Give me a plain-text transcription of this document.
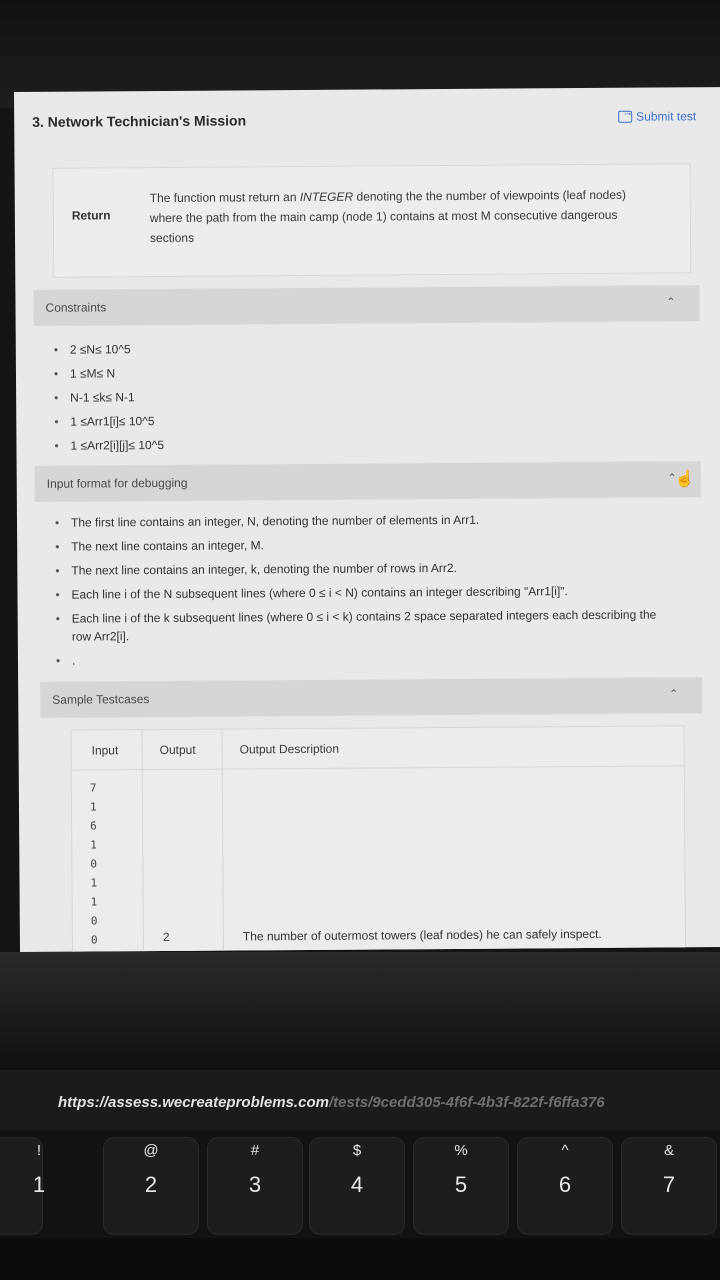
3. Network Technician's Mission
→	Submit test
Return
The function must return an INTEGER denoting the the number of viewpoints (leaf nodes) where the path from the main camp (node 1) contains at most M consecutive dangerous sections
Constraints	⌃
• 2 ≤N≤ 10^5
• 1 ≤M≤ N
• N-1 ≤k≤ N-1
• 1 ≤Arr1[i]≤ 10^5
• 1 ≤Arr2[i][j]≤ 10^5
Input format for debugging	⌃
• The first line contains an integer, N, denoting the number of elements in Arr1.
• The next line contains an integer, M.
• The next line contains an integer, k, denoting the number of rows in Arr2.
• Each line i of the N subsequent lines (where 0 ≤ i < N) contains an integer describing "Arr1[i]".
• Each line i of the k subsequent lines (where 0 ≤ i < k) contains 2 space separated integers each describing the row Arr2[i].
• .
Sample Testcases	⌃
Input	Output	Output Description
7
1
6
1
0
1
1
0
0	2	The number of outermost towers (leaf nodes) he can safely inspect.
☝
https://assess.wecreateproblems.com/tests/9cedd305-4f6f-4b3f-822f-f6ffa376
!
1
@
2
#
3
$
4
%
5
^
6
&
7
